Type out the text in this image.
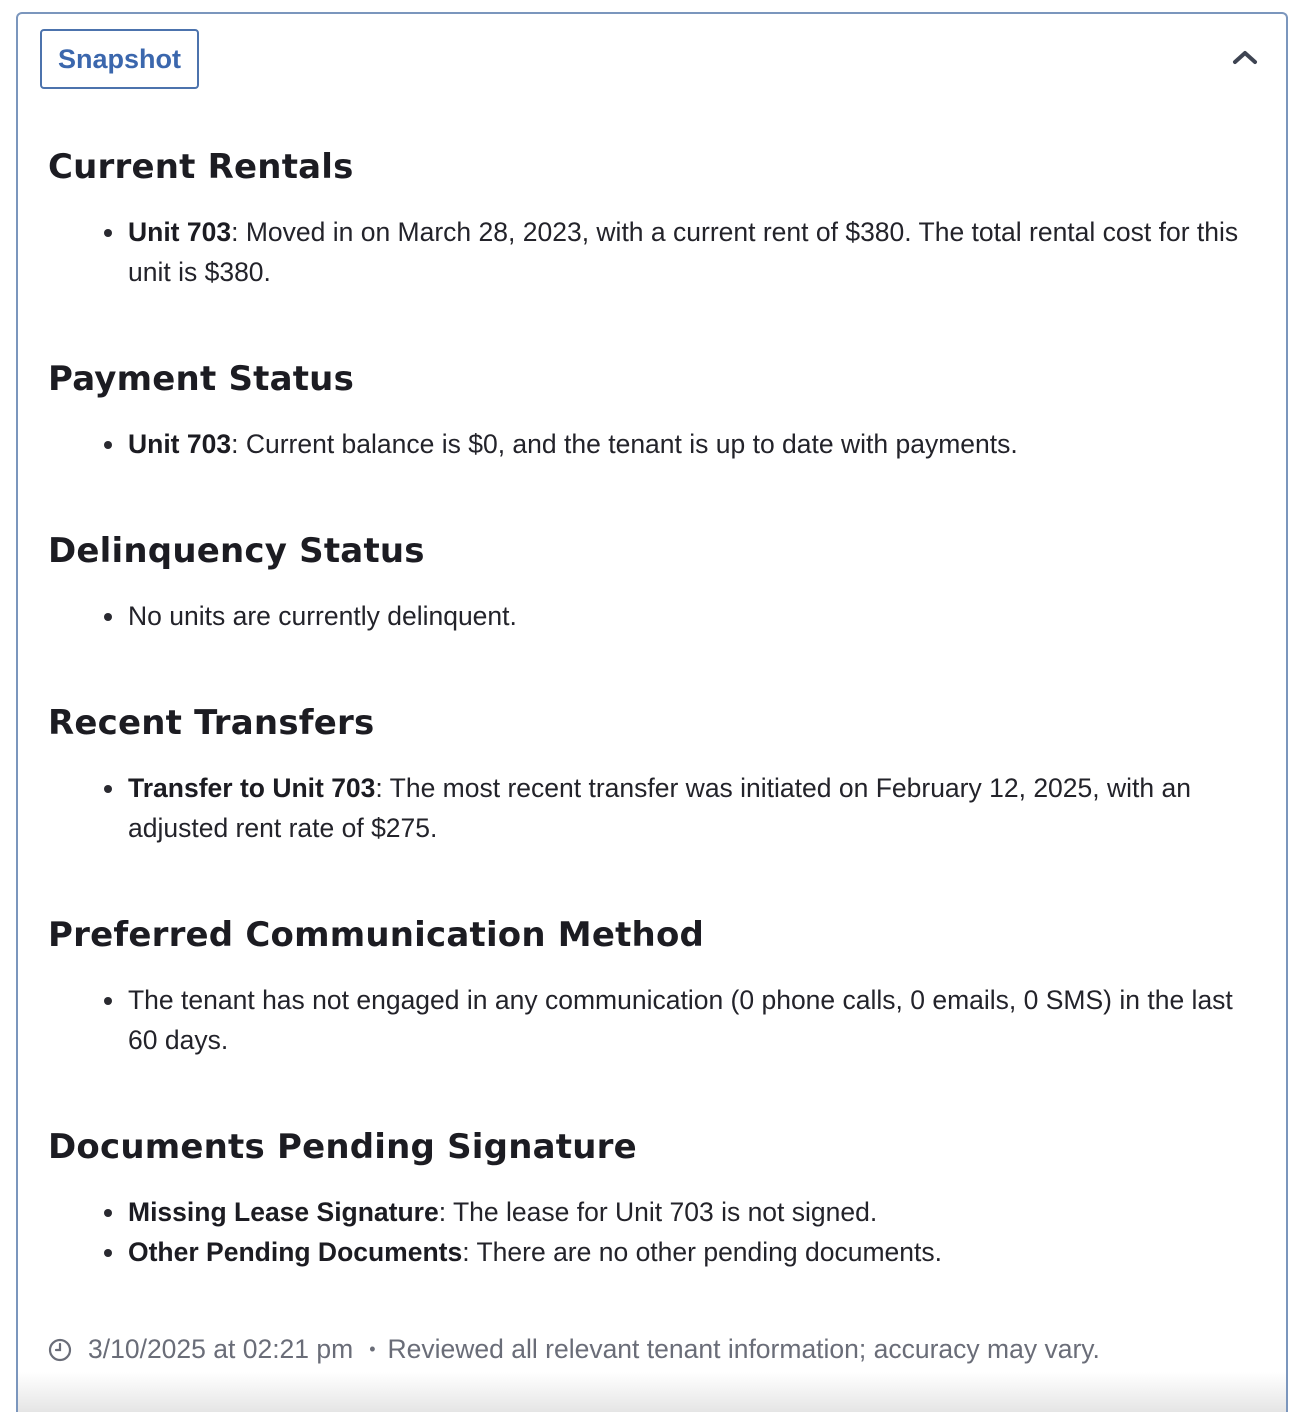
Snapshot
Current Rentals
Unit 703: Moved in on March 28, 2023, with a current rent of $380. The total rental cost for this unit is $380.
Payment Status
Unit 703: Current balance is $0, and the tenant is up to date with payments.
Delinquency Status
No units are currently delinquent.
Recent Transfers
Transfer to Unit 703: The most recent transfer was initiated on February 12, 2025, with an adjusted rent rate of $275.
Preferred Communication Method
The tenant has not engaged in any communication (0 phone calls, 0 emails, 0 SMS) in the last 60 days.
Documents Pending Signature
Missing Lease Signature: The lease for Unit 703 is not signed.
Other Pending Documents: There are no other pending documents.
3/10/2025 at 02:21 pm • Reviewed all relevant tenant information; accuracy may vary.
